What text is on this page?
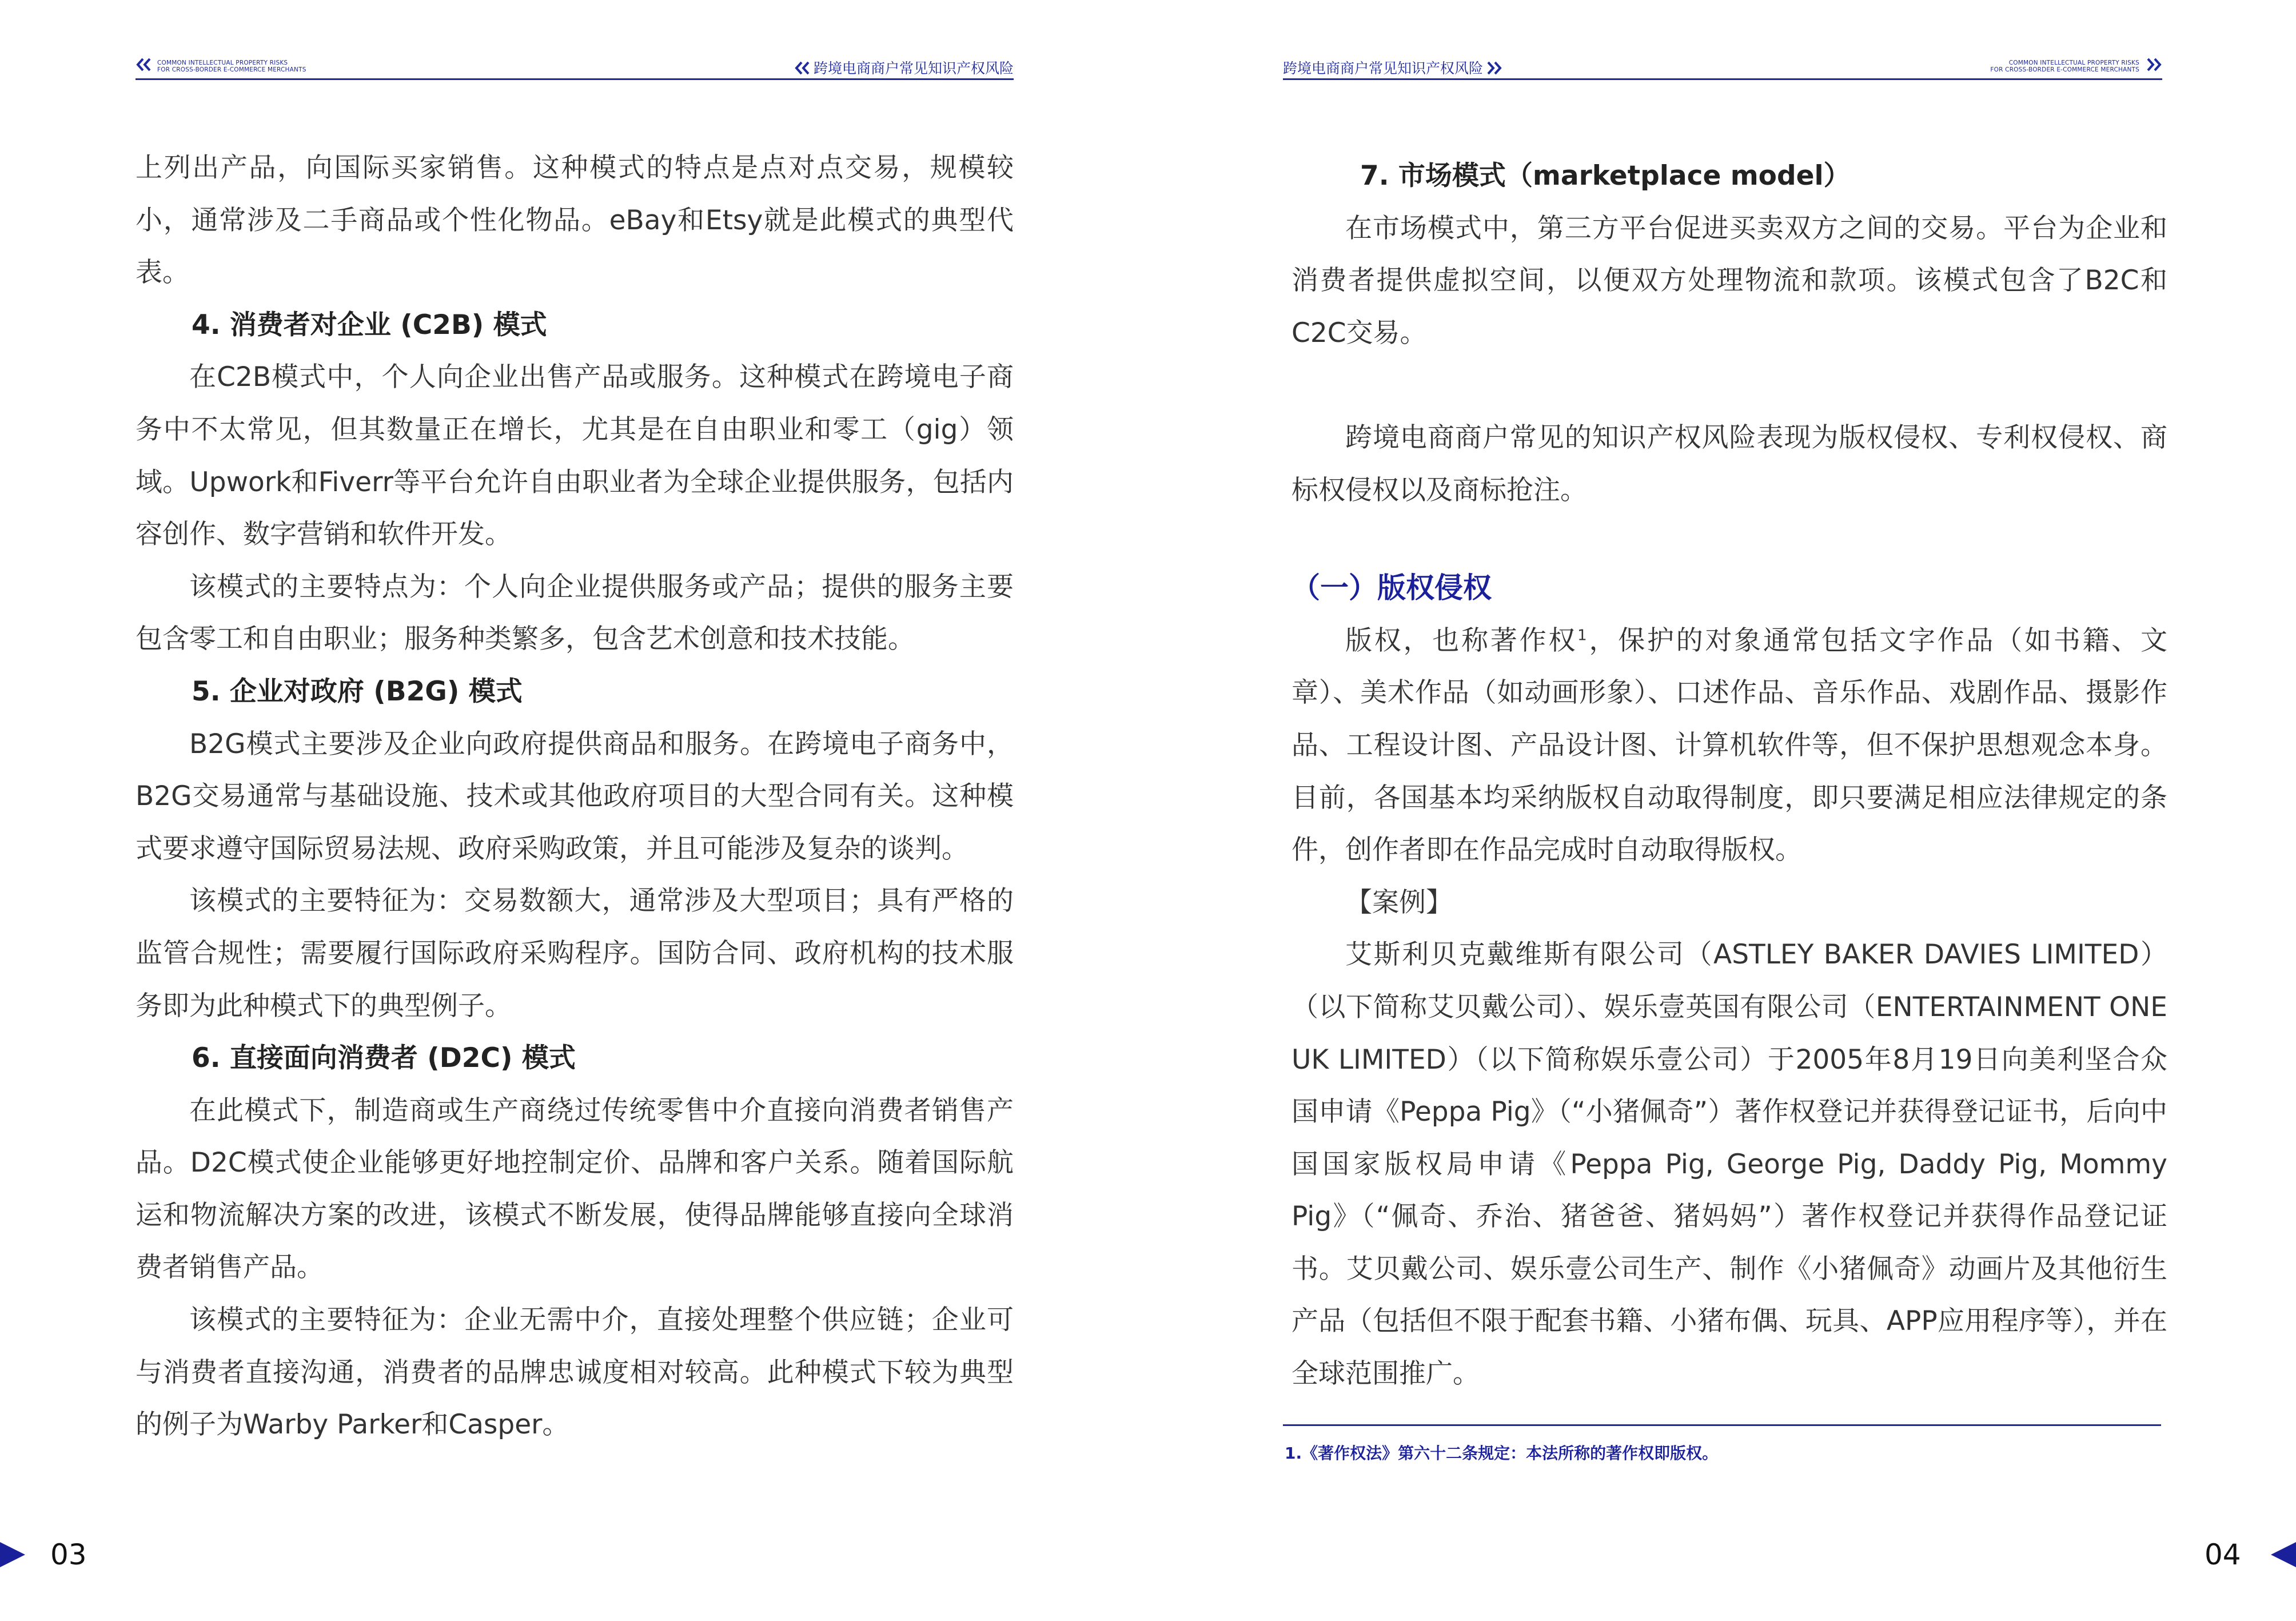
COMMON INTELLECTUAL PROPERTY RISKS
FOR CROSS-BORDER E-COMMERCE MERCHANTS	跨境电商商户常见知识产权风险

上列出产品，向国际买家销售。这种模式的特点是点对点交易，规模较小，通常涉及二手商品或个性化物品。eBay和Etsy就是此模式的典型代表。

4. 消费者对企业 (C2B) 模式

在C2B模式中，个人向企业出售产品或服务。这种模式在跨境电子商务中不太常见，但其数量正在增长，尤其是在自由职业和零工（gig）领域。Upwork和Fiverr等平台允许自由职业者为全球企业提供服务，包括内容创作、数字营销和软件开发。

该模式的主要特点为：个人向企业提供服务或产品；提供的服务主要包含零工和自由职业；服务种类繁多，包含艺术创意和技术技能。

5. 企业对政府 (B2G) 模式

B2G模式主要涉及企业向政府提供商品和服务。在跨境电子商务中，B2G交易通常与基础设施、技术或其他政府项目的大型合同有关。这种模式要求遵守国际贸易法规、政府采购政策，并且可能涉及复杂的谈判。

该模式的主要特征为：交易数额大，通常涉及大型项目；具有严格的监管合规性；需要履行国际政府采购程序。国防合同、政府机构的技术服务即为此种模式下的典型例子。

6. 直接面向消费者 (D2C) 模式

在此模式下，制造商或生产商绕过传统零售中介直接向消费者销售产品。D2C模式使企业能够更好地控制定价、品牌和客户关系。随着国际航运和物流解决方案的改进，该模式不断发展，使得品牌能够直接向全球消费者销售产品。

该模式的主要特征为：企业无需中介，直接处理整个供应链；企业可与消费者直接沟通，消费者的品牌忠诚度相对较高。此种模式下较为典型的例子为Warby Parker和Casper。

03
跨境电商商户常见知识产权风险	COMMON INTELLECTUAL PROPERTY RISKS
FOR CROSS-BORDER E-COMMERCE MERCHANTS

7. 市场模式（marketplace model）

在市场模式中，第三方平台促进买卖双方之间的交易。平台为企业和消费者提供虚拟空间，以便双方处理物流和款项。该模式包含了B2C和C2C交易。

跨境电商商户常见的知识产权风险表现为版权侵权、专利权侵权、商标权侵权以及商标抢注。

（一）版权侵权

版权，也称著作权$^1$，保护的对象通常包括文字作品（如书籍、文章）、美术作品（如动画形象）、口述作品、音乐作品、戏剧作品、摄影作品、工程设计图、产品设计图、计算机软件等，但不保护思想观念本身。目前，各国基本均采纳版权自动取得制度，即只要满足相应法律规定的条件，创作者即在作品完成时自动取得版权。

【案例】

艾斯利贝克戴维斯有限公司（ASTLEY BAKER DAVIES LIMITED）（以下简称艾贝戴公司）、娱乐壹英国有限公司（ENTERTAINMENT ONE UK LIMITED）（以下简称娱乐壹公司）于2005年8月19日向美利坚合众国申请《Peppa Pig》（“小猪佩奇”）著作权登记并获得登记证书，后向中国国家版权局申请《Peppa Pig, George Pig, Daddy Pig, Mommy Pig》（“佩奇、乔治、猪爸爸、猪妈妈”）著作权登记并获得作品登记证书。艾贝戴公司、娱乐壹公司生产、制作《小猪佩奇》动画片及其他衍生产品（包括但不限于配套书籍、小猪布偶、玩具、APP应用程序等），并在全球范围推广。

1.《著作权法》第六十二条规定：本法所称的著作权即版权。
04
